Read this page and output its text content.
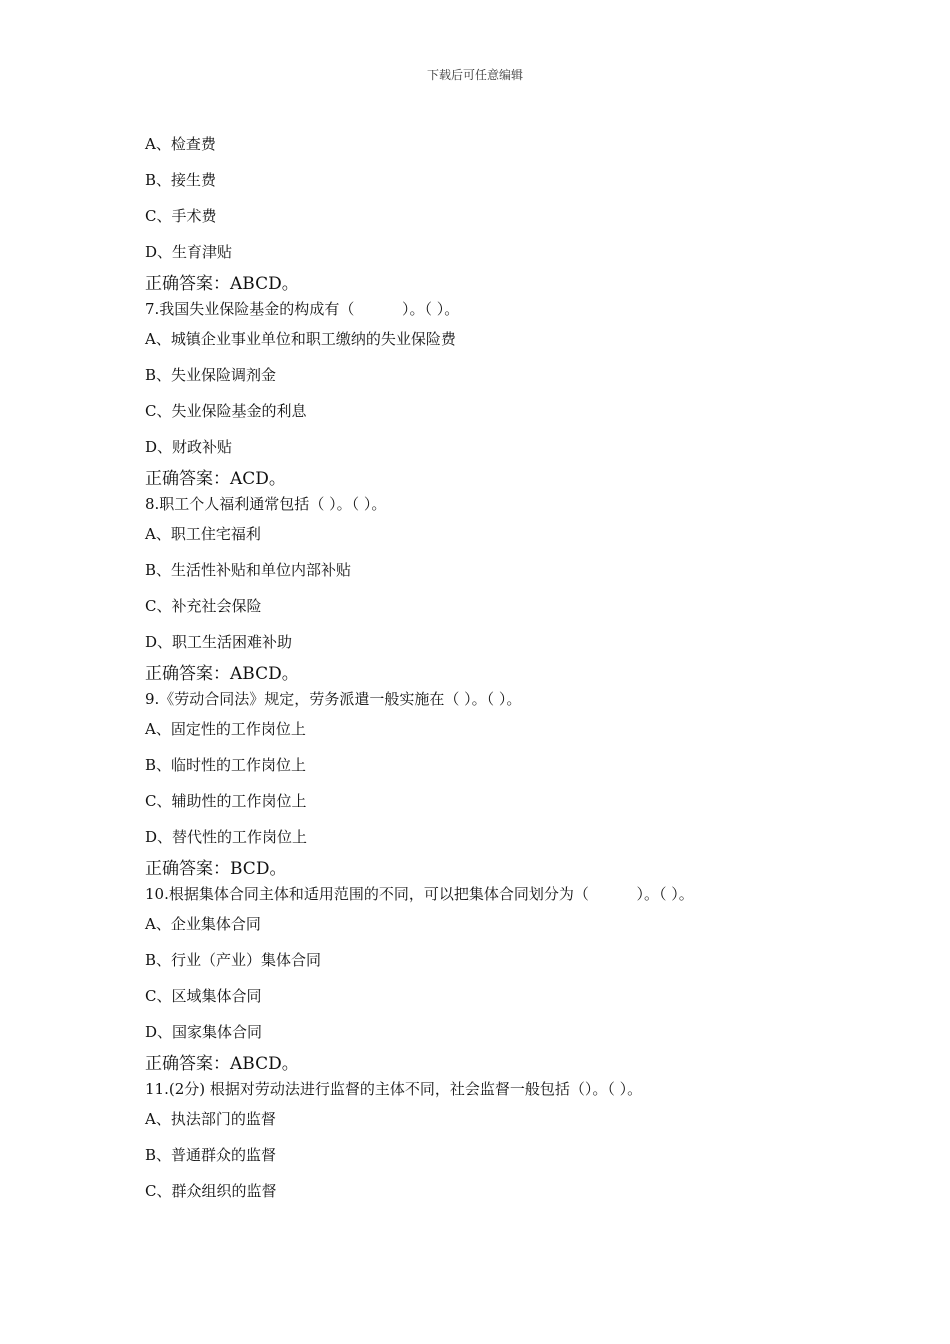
下载后可任意编辑
A、检查费
B、接生费
C、手术费
D、生育津贴
正确答案：ABCD。
7.我国失业保险基金的构成有（          ）。（ ）。
A、城镇企业事业单位和职工缴纳的失业保险费
B、失业保险调剂金
C、失业保险基金的利息
D、财政补贴
正确答案：ACD。
8.职工个人福利通常包括（ ）。（ ）。
A、职工住宅福利
B、生活性补贴和单位内部补贴
C、补充社会保险
D、职工生活困难补助
正确答案：ABCD。
9.《劳动合同法》规定，劳务派遣一般实施在（ ）。（ ）。
A、固定性的工作岗位上
B、临时性的工作岗位上
C、辅助性的工作岗位上
D、替代性的工作岗位上
正确答案：BCD。
10.根据集体合同主体和适用范围的不同，可以把集体合同划分为（          ）。（ ）。
A、企业集体合同
B、行业（产业）集体合同
C、区域集体合同
D、国家集体合同
正确答案：ABCD。
11.(2分) 根据对劳动法进行监督的主体不同，社会监督一般包括（）。（ ）。
A、执法部门的监督
B、普通群众的监督
C、群众组织的监督
